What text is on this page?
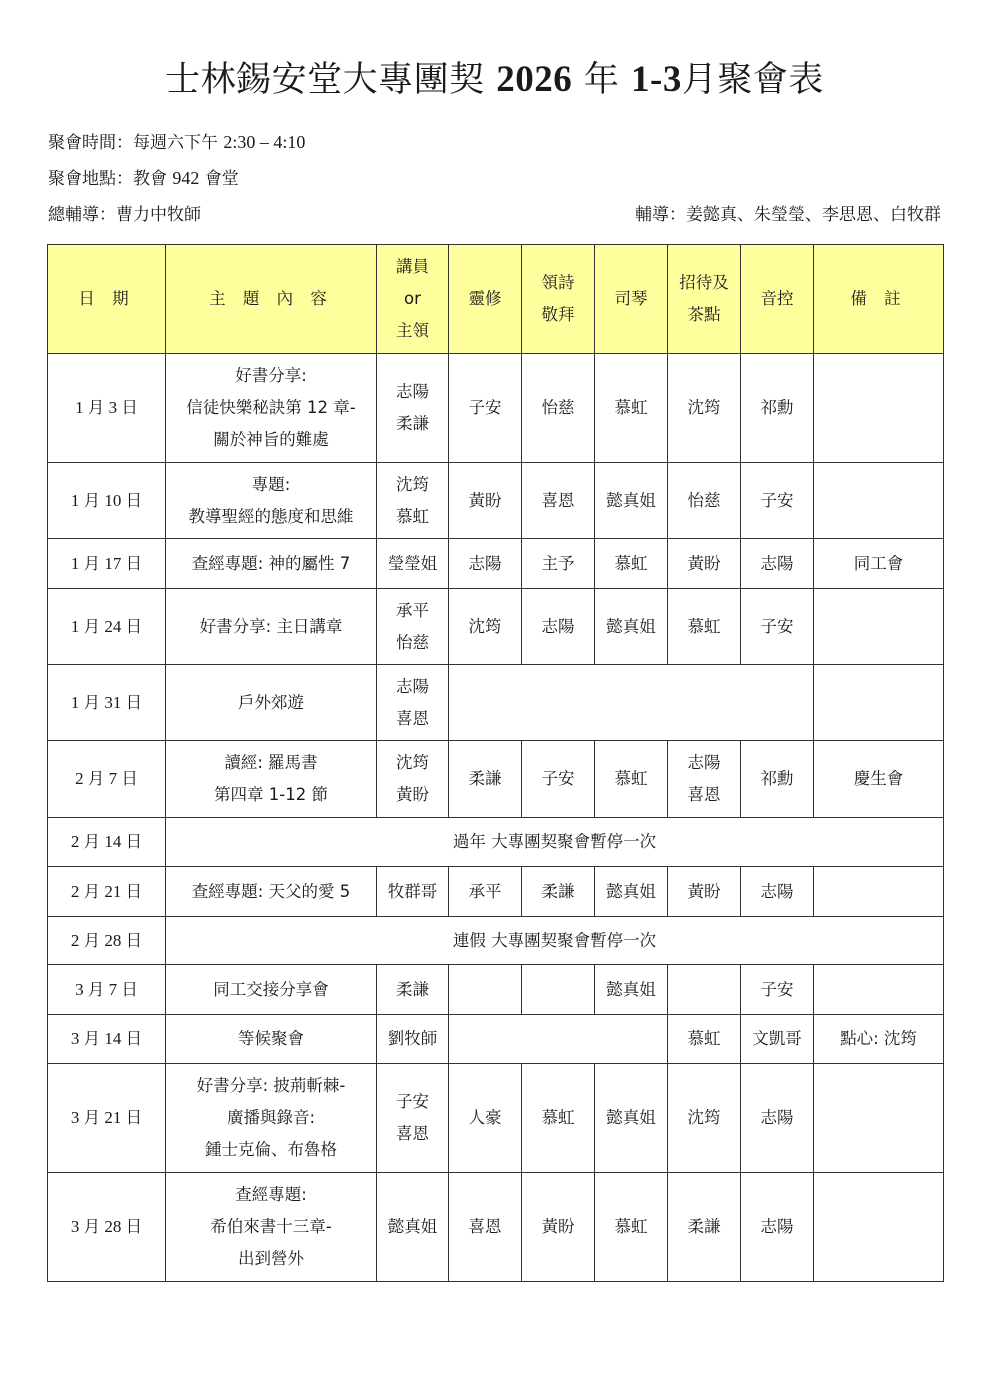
士林錫安堂大專團契 2026 年 1-3月聚會表
聚會時間：每週六下午 2:30 – 4:10
聚會地點：教會 942 會堂
總輔導：曹力中牧師	輔導：姜懿真、朱瑩瑩、李思恩、白牧群
日 期	主 題 內 容	講員
or
主領	靈修	領詩
敬拜	司琴	招待及
茶點	音控	備 註
1 月 3 日	好書分享:
信徒快樂秘訣第 12 章-
關於神旨的難處	志陽
柔謙	子安	怡慈	慕虹	沈筠	祁勳	
1 月 10 日	專題:
教導聖經的態度和思維	沈筠
慕虹	黃盼	喜恩	懿真姐	怡慈	子安	
1 月 17 日	查經專題: 神的屬性 7	瑩瑩姐	志陽	主予	慕虹	黃盼	志陽	同工會
1 月 24 日	好書分享: 主日講章	承平
怡慈	沈筠	志陽	懿真姐	慕虹	子安	
1 月 31 日	戶外郊遊	志陽
喜恩						

2 月 7 日	讀經: 羅馬書
第四章 1-12 節	沈筠
黃盼	柔謙	子安	慕虹	志陽
喜恩	祁勳	慶生會
2 月 14 日	過年 大專團契聚會暫停一次							
2 月 21 日	查經專題: 天父的愛 5	牧群哥	承平	柔謙	懿真姐	黃盼	志陽	
2 月 28 日	連假 大專團契聚會暫停一次							
3 月 7 日	同工交接分享會	柔謙			懿真姐		子安	
3 月 14 日	等候聚會	劉牧師				慕虹	文凱哥	點心: 沈筠
3 月 21 日	好書分享: 披荊斬棘-
廣播與錄音:
鍾士克倫、布魯格	子安
喜恩	人豪	慕虹	懿真姐	沈筠	志陽	
3 月 28 日	查經專題:
希伯來書十三章-
出到營外	懿真姐	喜恩	黃盼	慕虹	柔謙	志陽	
